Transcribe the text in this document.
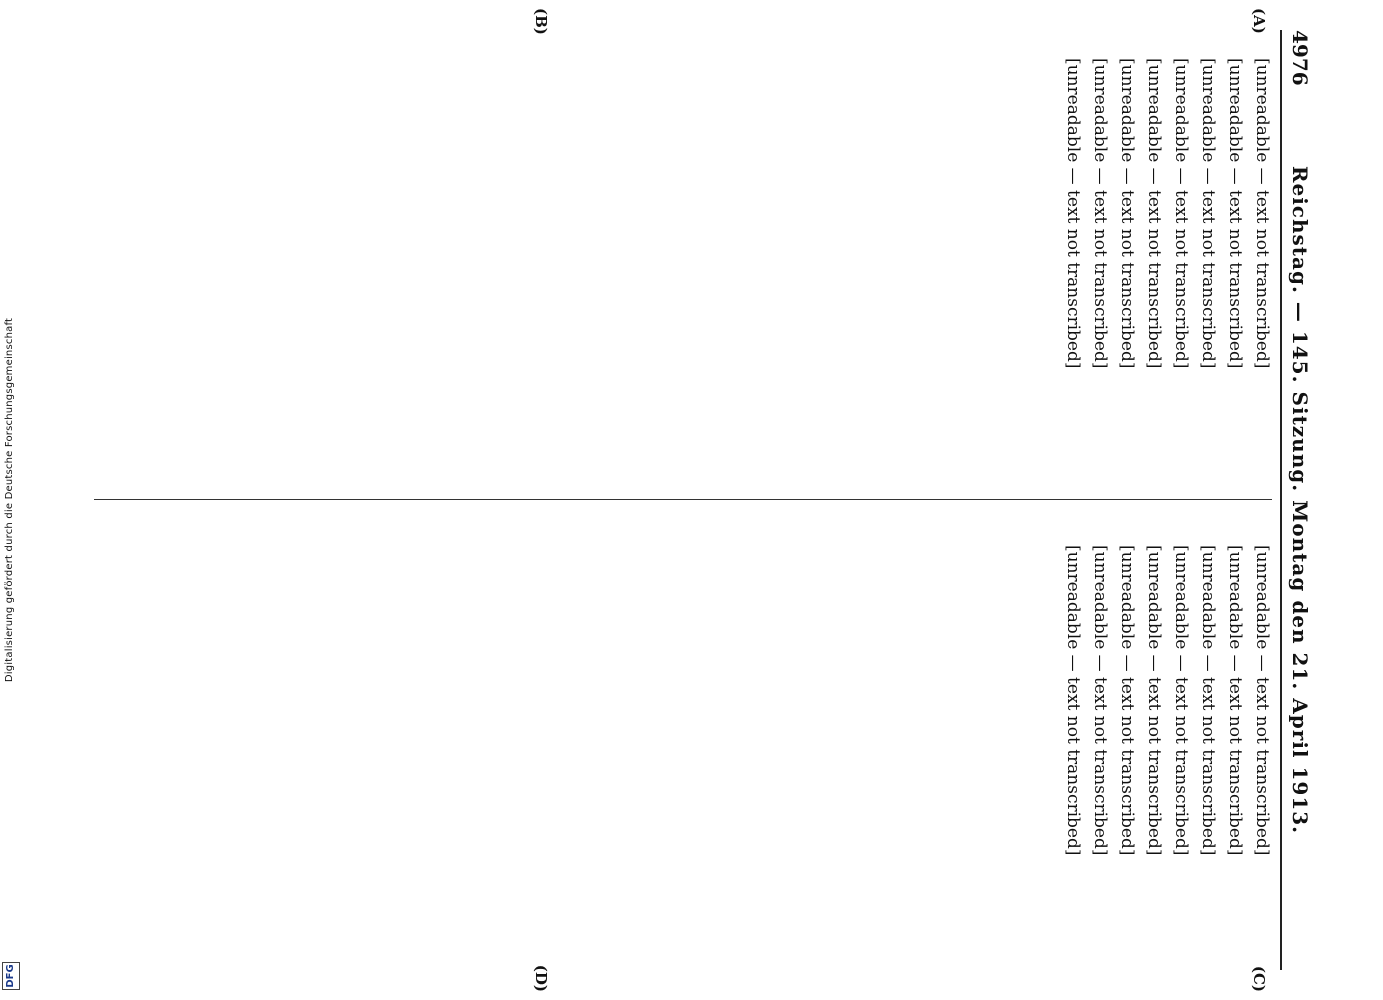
Digitalisierung gefördert durch die Deutsche Forschungsgemeinschaft
DFG
4976
Reichstag. — 145. Sitzung. Montag den 21. April 1913.
(A)
(B)
(C)
(D)

[unreadable — text not transcribed]

[unreadable — text not transcribed]

[unreadable — text not transcribed]

[unreadable — text not transcribed]

[unreadable — text not transcribed]

[unreadable — text not transcribed]

[unreadable — text not transcribed]

[unreadable — text not transcribed]

[unreadable — text not transcribed]

[unreadable — text not transcribed]

[unreadable — text not transcribed]

[unreadable — text not transcribed]

[unreadable — text not transcribed]

[unreadable — text not transcribed]

[unreadable — text not transcribed]

[unreadable — text not transcribed]
